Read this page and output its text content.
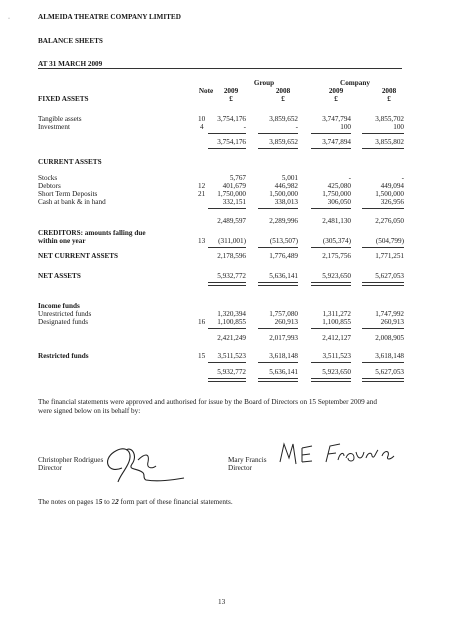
·	ALMEIDA THEATRE COMPANY LIMITED
BALANCE SHEETS
AT 31 MARCH 2009
Group	Company
Note	2009	2008	2009	2008
£	£	£	£
FIXED ASSETS
Tangible assets	10	3,754,176	3,859,652	3,747,794	3,855,702
Investment	4	-	-	100	100
3,754,176	3,859,652	3,747,894	3,855,802
CURRENT ASSETS
Stocks	5,767	5,001	-	-
Debtors	12	401,679	446,982	425,080	449,094
Short Term Deposits	21	1,750,000	1,500,000	1,750,000	1,500,000
Cash at bank & in hand	332,151	338,013	306,050	326,956
2,489,597	2,289,996	2,481,130	2,276,050
CREDITORS: amounts falling due
within one year	13	(311,001)	(513,507)	(305,374)	(504,799)
NET CURRENT ASSETS	2,178,596	1,776,489	2,175,756	1,771,251
NET ASSETS	5,932,772	5,636,141	5,923,650	5,627,053
Income funds
Unrestricted funds	1,320,394	1,757,080	1,311,272	1,747,992
Designated funds	16	1,100,855	260,913	1,100,855	260,913
2,421,249	2,017,993	2,412,127	2,008,905
Restricted funds	15	3,511,523	3,618,148	3,511,523	3,618,148
5,932,772	5,636,141	5,923,650	5,627,053
The financial statements were approved and authorised for issue by the Board of Directors on 15 September 2009 and
were signed below on its behalf by:
Christopher Rodrigues
Director
Mary Francis
Director
The notes on pages 15 to 22 form part of these financial statements.
13
